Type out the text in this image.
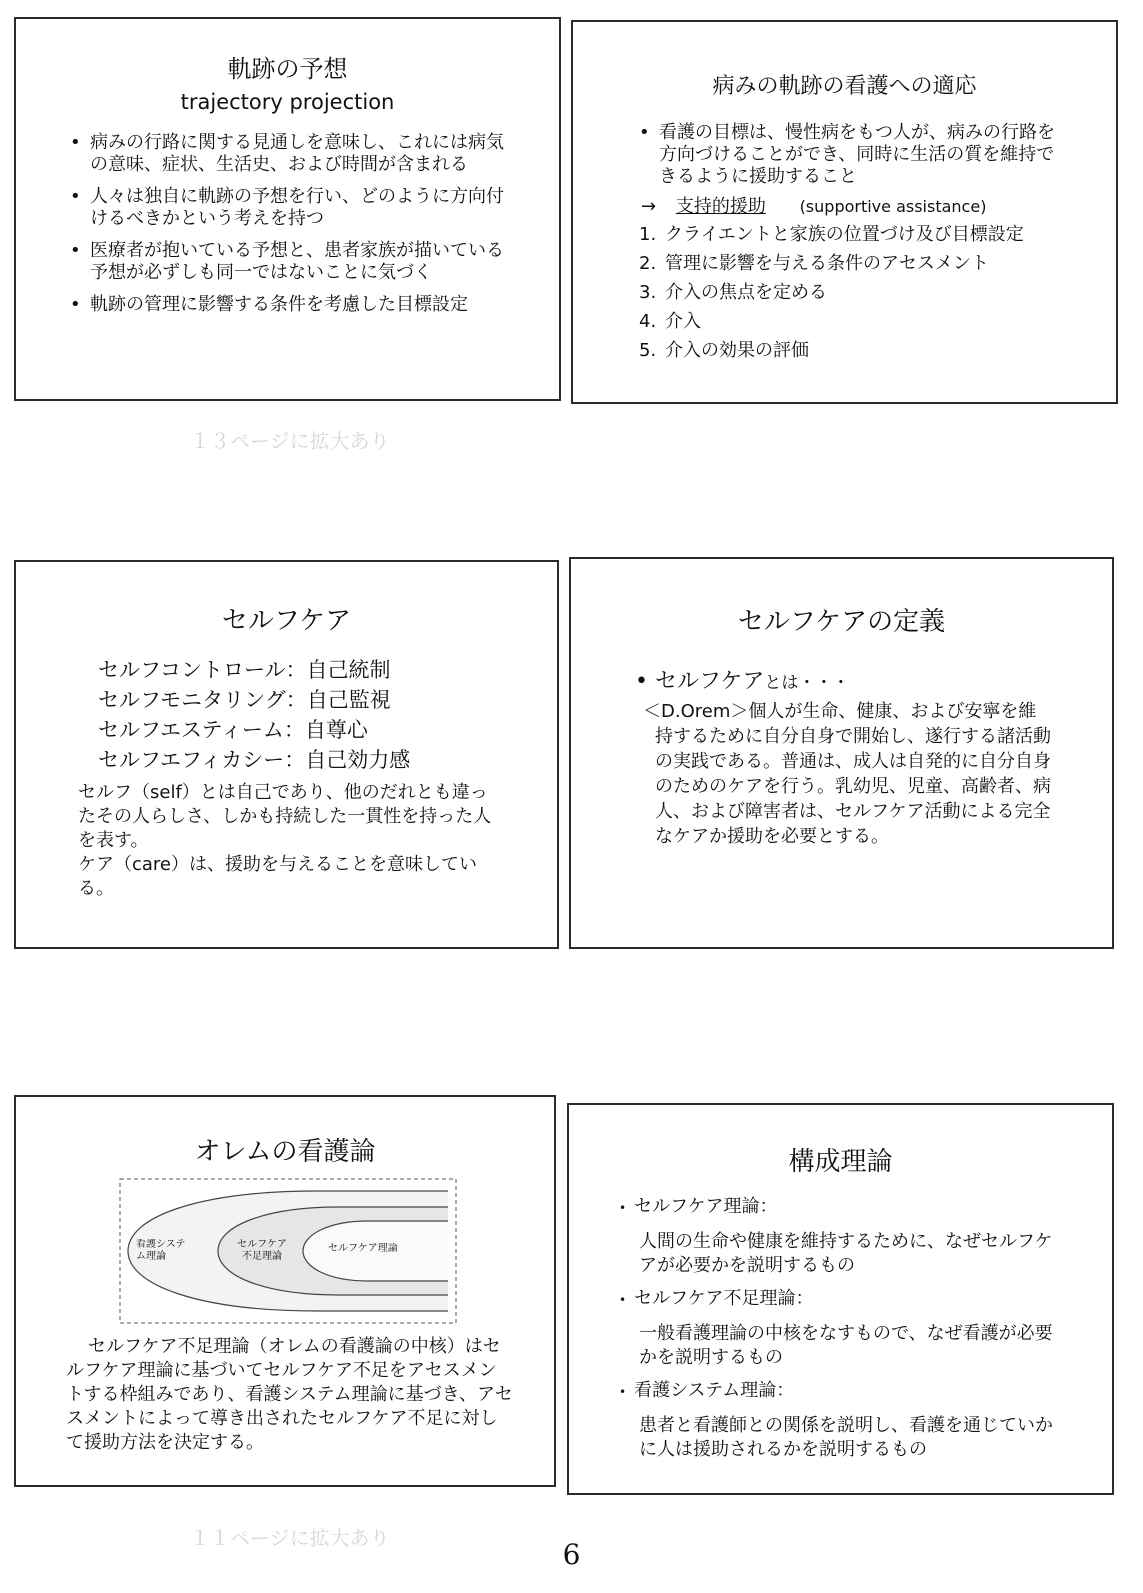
１３ページに拡大あり
１１ページに拡大あり
軌跡の予想
trajectory projection
• 病みの行路に関する見通しを意味し、これには病気の意味、症状、生活史、および時間が含まれる
• 人々は独自に軌跡の予想を行い、どのように方向付けるべきかという考えを持つ
• 医療者が抱いている予想と、患者家族が描いている予想が必ずしも同一ではないことに気づく
• 軌跡の管理に影響する条件を考慮した目標設定
病みの軌跡の看護への適応
• 看護の目標は、慢性病をもつ人が、病みの行路を方向づけることができ、同時に生活の質を維持できるように援助すること
→ 支持的援助 (supportive assistance)
1. クライエントと家族の位置づけ及び目標設定
2. 管理に影響を与える条件のアセスメント
3. 介入の焦点を定める
4. 介入
5. 介入の効果の評価
セルフケア
セルフコントロール：自己統制
セルフモニタリング：自己監視
セルフエスティーム：自尊心
セルフエフィカシー：自己効力感
セルフ（self）とは自己であり、他のだれとも違ったその人らしさ、しかも持続した一貫性を持った人を表す。
ケア（care）は、援助を与えることを意味している。
セルフケアの定義
• セルフケアとは・・・
＜D.Orem＞個人が生命、健康、および安寧を維持するために自分自身で開始し、遂行する諸活動の実践である。普通は、成人は自発的に自分自身のためのケアを行う。乳幼児、児童、高齢者、病人、および障害者は、セルフケア活動による完全なケアか援助を必要とする。
オレムの看護論
看護システム理論
セルフケア不足理論
セルフケア理論
セルフケア不足理論（オレムの看護論の中核）はセルフケア理論に基づいてセルフケア不足をアセスメントする枠組みであり、看護システム理論に基づき、アセスメントによって導き出されたセルフケア不足に対して援助方法を決定する。
構成理論
• セルフケア理論：
人間の生命や健康を維持するために、なぜセルフケアが必要かを説明するもの
• セルフケア不足理論：
一般看護理論の中核をなすもので、なぜ看護が必要かを説明するもの
• 看護システム理論：
患者と看護師との関係を説明し、看護を通じていかに人は援助されるかを説明するもの
6
